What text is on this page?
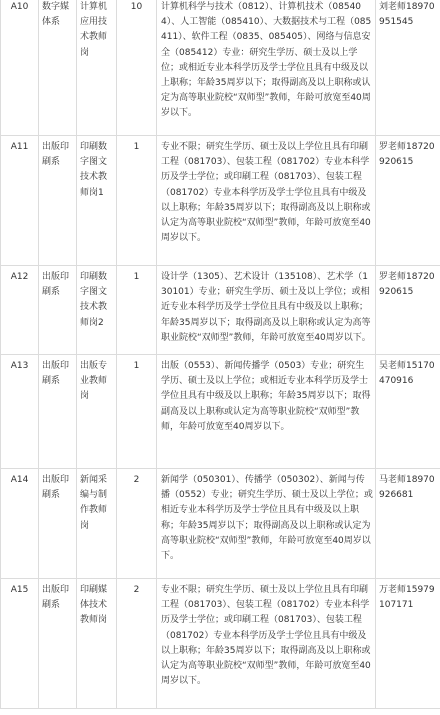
A10	数字媒体系	计算机应用技术教师岗	10	计算机科学与技术（0812）、计算机技术（085404）、人工智能（085410）、大数据技术与工程（085411）、软件工程（0835、085405）、网络与信息安全（085412）专业：研究生学历、硕士及以上学位；或相近专业本科学历及学士学位且具有中级及以上职称；年龄35周岁以下；取得副高及以上职称或认定为高等职业院校“双师型”教师，年龄可放宽至40周岁以下。	刘老师18970951545
A11	出版印刷系	印刷数字图文技术教师岗1	1	专业不限；研究生学历、硕士及以上学位且具有印刷工程（081703）、包装工程（081702）专业本科学历及学士学位；或印刷工程（081703）、包装工程（081702）专业本科学历及学士学位且具有中级及以上职称；年龄35周岁以下；取得副高及以上职称或认定为高等职业院校“双师型”教师，年龄可放宽至40周岁以下。	罗老师18720920615
A12	出版印刷系	印刷数字图文技术教师岗2	1	设计学（1305）、艺术设计（135108）、艺术学（130101）专业；研究生学历、硕士及以上学位；或相近专业本科学历及学士学位且具有中级及以上职称；年龄35周岁以下；取得副高及以上职称或认定为高等职业院校“双师型”教师，年龄可放宽至40周岁以下。	罗老师18720920615
A13	出版印刷系	出版专业教师岗	1	出版（0553）、新闻传播学（0503）专业；研究生学历、硕士及以上学位；或相近专业本科学历及学士学位且具有中级及以上职称；年龄35周岁以下；取得副高及以上职称或认定为高等职业院校“双师型”教师，年龄可放宽至40周岁以下。	吴老师15170470916
A14	出版印刷系	新闻采编与制作教师岗	2	新闻学（050301）、传播学（050302）、新闻与传播（0552）专业；研究生学历、硕士及以上学位；或相近专业本科学历及学士学位且具有中级及以上职称；年龄35周岁以下；取得副高及以上职称或认定为高等职业院校“双师型”教师，年龄可放宽至40周岁以下。	马老师18970926681
A15	出版印刷系	印刷媒体技术教师岗	2	专业不限；研究生学历、硕士及以上学位且具有印刷工程（081703）、包装工程（081702）专业本科学历及学士学位；或印刷工程（081703）、包装工程（081702）专业本科学历及学士学位且具有中级及以上职称；年龄35周岁以下；取得副高及以上职称或认定为高等职业院校“双师型”教师，年龄可放宽至40周岁以下。	万老师15979107171
